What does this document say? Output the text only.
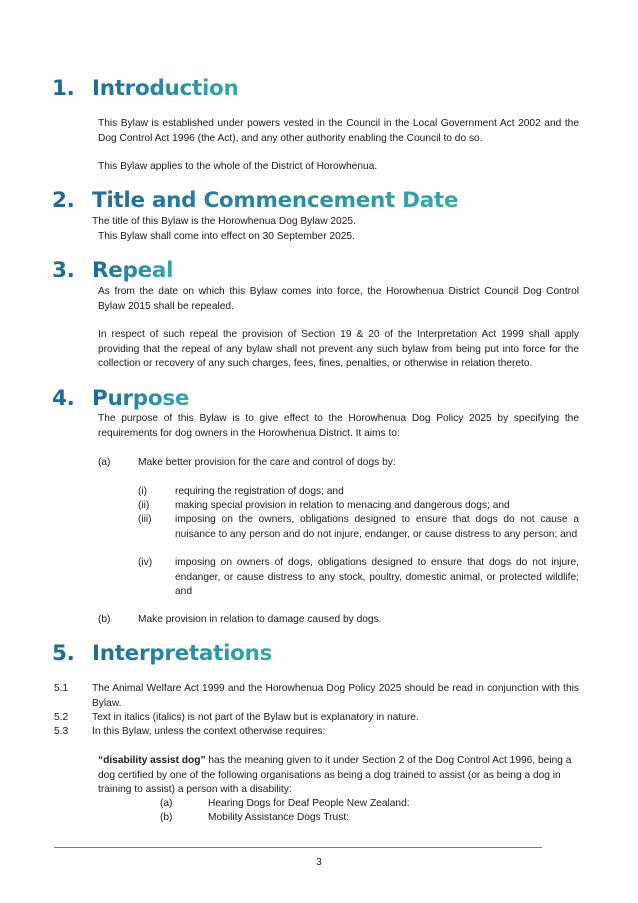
1. Introduction

This Bylaw is established under powers vested in the Council in the Local Government Act 2002 and the Dog Control Act 1996 (the Act), and any other authority enabling the Council to do so.

This Bylaw applies to the whole of the District of Horowhenua.

2. Title and Commencement Date
The title of this Bylaw is the Horowhenua Dog Bylaw 2025.
This Bylaw shall come into effect on 30 September 2025.
3. Repeal

As from the date on which this Bylaw comes into force, the Horowhenua District Council Dog Control Bylaw 2015 shall be repealed.

In respect of such repeal the provision of Section 19 & 20 of the Interpretation Act 1999 shall apply providing that the repeal of any bylaw shall not prevent any such bylaw from being put into force for the collection or recovery of any such charges, fees, fines, penalties, or otherwise in relation thereto.

4. Purpose

The purpose of this Bylaw is to give effect to the Horowhenua Dog Policy 2025 by specifying the requirements for dog owners in the Horowhenua District. It aims to:

(a)	Make better provision for the care and control of dogs by:
(i)	requiring the registration of dogs; and

(ii)	making special provision in relation to menacing and dangerous dogs; and

(iii) imposing on the owners, obligations designed to ensure that dogs do not cause a nuisance to any person and do not injure, endanger, or cause distress to any person; and

(iv) imposing on owners of dogs, obligations designed to ensure that dogs do not injure, endanger, or cause distress to any stock, poultry, domestic animal, or protected wildlife; and

(b)	Make provision in relation to damage caused by dogs.
5. Interpretations
5.1 The Animal Welfare Act 1999 and the Horowhenua Dog Policy 2025 should be read in conjunction with this Bylaw.

5.2 Text in italics (italics) is not part of the Bylaw but is explanatory in nature.
5.3 In this Bylaw, unless the context otherwise requires:

“disability assist dog” has the meaning given to it under Section 2 of the Dog Control Act 1996, being a dog certified by one of the following organisations as being a dog trained to assist (or as being a dog in training to assist) a person with a disability:

(a)	Hearing Dogs for Deaf People New Zealand:
(b)	Mobility Assistance Dogs Trust:
3
